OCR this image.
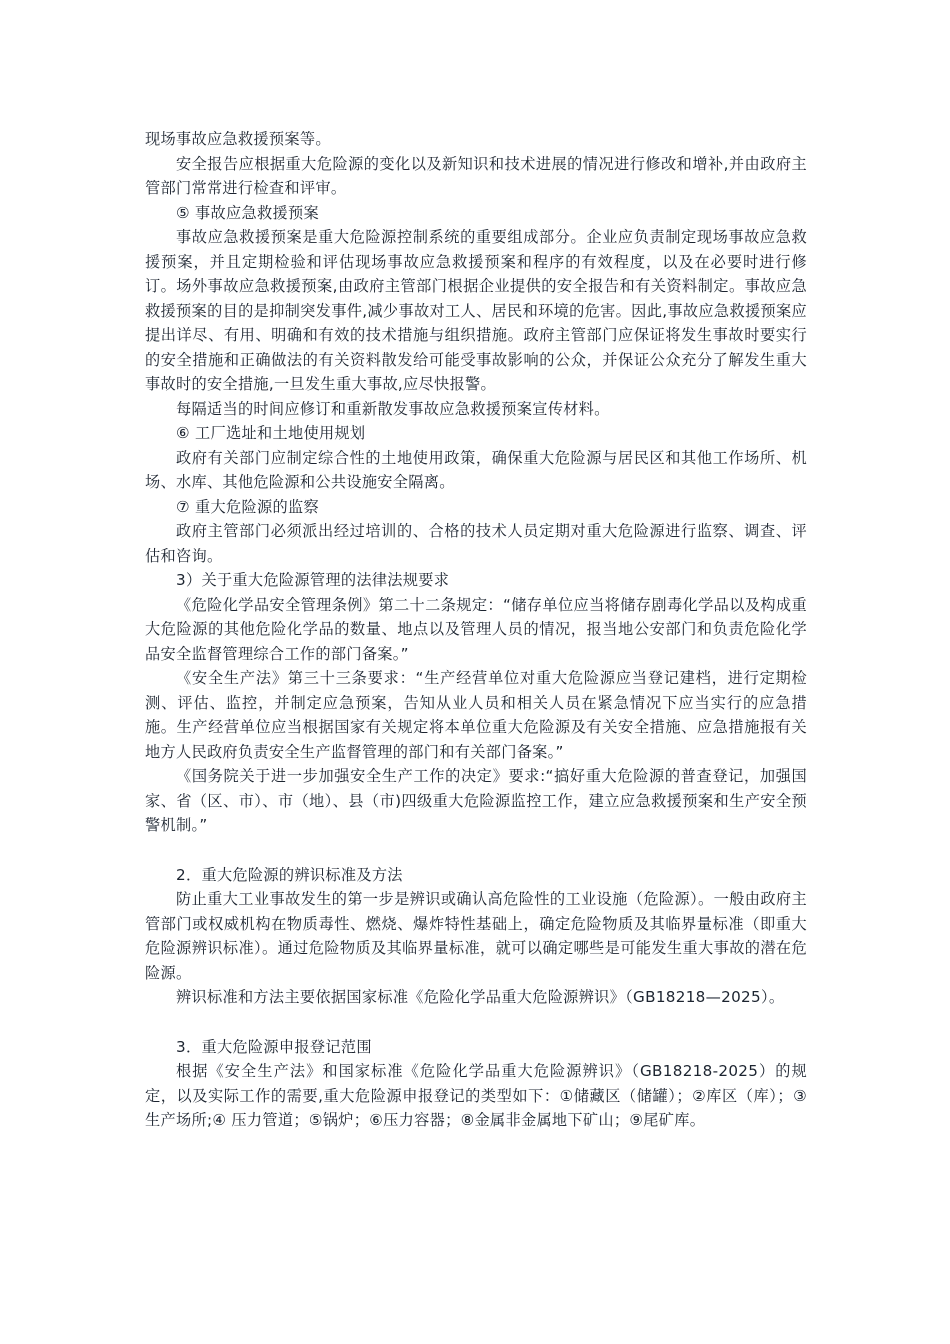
现场事故应急救援预案等。

安全报告应根据重大危险源的变化以及新知识和技术进展的情况进行修改和增补,并由政府主管部门常常进行检查和评审。

⑤ 事故应急救援预案

事故应急救援预案是重大危险源控制系统的重要组成部分。企业应负责制定现场事故应急救援预案，并且定期检验和评估现场事故应急救援预案和程序的有效程度，以及在必要时进行修订。场外事故应急救援预案,由政府主管部门根据企业提供的安全报告和有关资料制定。事故应急救援预案的目的是抑制突发事件,减少事故对工人、居民和环境的危害。因此,事故应急救援预案应提出详尽、有用、明确和有效的技术措施与组织措施。政府主管部门应保证将发生事故时要实行的安全措施和正确做法的有关资料散发给可能受事故影响的公众，并保证公众充分了解发生重大事故时的安全措施,一旦发生重大事故,应尽快报警。

每隔适当的时间应修订和重新散发事故应急救援预案宣传材料。

⑥ 工厂选址和土地使用规划

政府有关部门应制定综合性的土地使用政策，确保重大危险源与居民区和其他工作场所、机场、水库、其他危险源和公共设施安全隔离。

⑦ 重大危险源的监察

政府主管部门必须派出经过培训的、合格的技术人员定期对重大危险源进行监察、调查、评估和咨询。

3）关于重大危险源管理的法律法规要求

《危险化学品安全管理条例》第二十二条规定：“储存单位应当将储存剧毒化学品以及构成重大危险源的其他危险化学品的数量、地点以及管理人员的情况，报当地公安部门和负责危险化学品安全监督管理综合工作的部门备案。”

《安全生产法》第三十三条要求：“生产经营单位对重大危险源应当登记建档，进行定期检测、评估、监控，并制定应急预案，告知从业人员和相关人员在紧急情况下应当实行的应急措施。生产经营单位应当根据国家有关规定将本单位重大危险源及有关安全措施、应急措施报有关地方人民政府负责安全生产监督管理的部门和有关部门备案。”

《国务院关于进一步加强安全生产工作的决定》要求:“搞好重大危险源的普查登记，加强国家、省（区、市）、市（地）、县（市)四级重大危险源监控工作，建立应急救援预案和生产安全预警机制。”

2．重大危险源的辨识标准及方法

防止重大工业事故发生的第一步是辨识或确认高危险性的工业设施（危险源）。一般由政府主管部门或权威机构在物质毒性、燃烧、爆炸特性基础上，确定危险物质及其临界量标准（即重大危险源辨识标准）。通过危险物质及其临界量标准，就可以确定哪些是可能发生重大事故的潜在危险源。

辨识标准和方法主要依据国家标准《危险化学品重大危险源辨识》（GB18218—2025）。

3．重大危险源申报登记范围

根据《安全生产法》和国家标准《危险化学品重大危险源辨识》（GB18218-2025）的规定，以及实际工作的需要,重大危险源申报登记的类型如下：①储藏区（储罐）；②库区（库）；③生产场所;④ 压力管道；⑤锅炉；⑥压力容器；⑧金属非金属地下矿山；⑨尾矿库。
